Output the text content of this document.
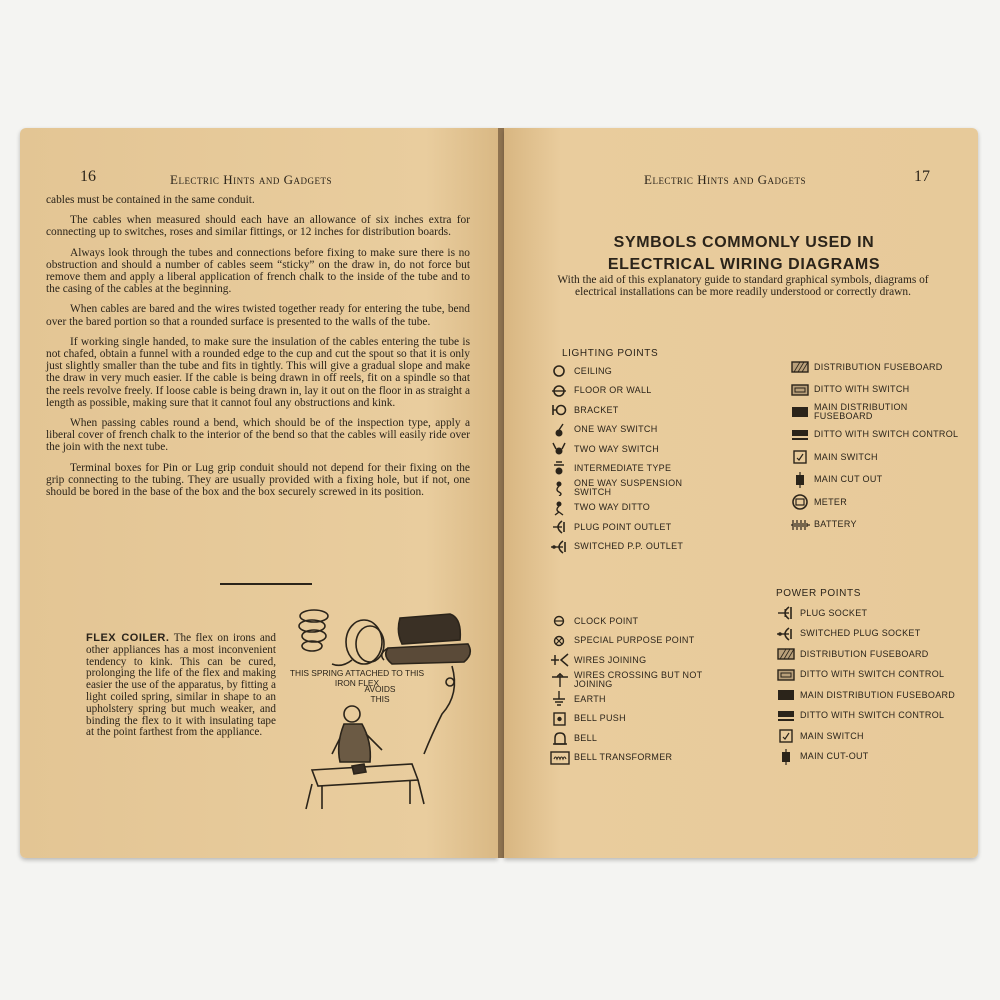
16	Electric Hints and Gadgets

cables must be contained in the same conduit.

The cables when measured should each have an allowance of six inches extra for connecting up to switches, roses and similar fittings, or 12 inches for distribution boards.

Always look through the tubes and connections before fixing to make sure there is no obstruction and should a number of cables seem “sticky” on the draw in, do not force but remove them and apply a liberal application of french chalk to the inside of the tube and to the casing of the cables at the beginning.

When cables are bared and the wires twisted together ready for entering the tube, bend over the bared portion so that a rounded surface is presented to the walls of the tube.

If working single handed, to make sure the insulation of the cables entering the tube is not chafed, obtain a funnel with a rounded edge to the cup and cut the spout so that it is only just slightly smaller than the tube and fits in tightly. This will give a gradual slope and make the draw in very much easier. If the cable is being drawn in off reels, fit on a spindle so that the reels revolve freely. If loose cable is being drawn in, lay it out on the floor in as straight a length as possible, making sure that it cannot foul any obstructions and kink.

When passing cables round a bend, which should be of the inspection type, apply a liberal cover of french chalk to the interior of the bend so that the cables will easily ride over the join with the next tube.

Terminal boxes for Pin or Lug grip conduit should not depend for their fixing on the grip connecting to the tubing. They are usually provided with a fixing hole, but if not, one should be bored in the base of the box and the box securely screwed in its position.

FLEX COILER. The flex on irons and other appliances has a most inconvenient tendency to kink. This can be cured, prolonging the life of the flex and making easier the use of the apparatus, by fitting a light coiled spring, similar in shape to an upholstery spring but much weaker, and binding the flex to it with insulating tape at the point farthest from the appliance.
THIS SPRING ATTACHED TO THIS IRON FLEX
AVOIDS THIS
Electric Hints and Gadgets	17
SYMBOLS COMMONLY USED IN
ELECTRICAL WIRING DIAGRAMS
With the aid of this explanatory guide to standard graphical symbols, diagrams of electrical installations can be more readily understood or correctly drawn.
LIGHTING POINTS
CEILING
FLOOR OR WALL
BRACKET
ONE WAY SWITCH
TWO WAY SWITCH
INTERMEDIATE TYPE
ONE WAY SUSPENSION SWITCH
TWO WAY DITTO
PLUG POINT OUTLET
SWITCHED P.P. OUTLET
DISTRIBUTION FUSEBOARD
DITTO WITH SWITCH
MAIN DISTRIBUTION FUSEBOARD
DITTO WITH SWITCH CONTROL
MAIN SWITCH
MAIN CUT OUT
METER
BATTERY
CLOCK POINT
SPECIAL PURPOSE POINT
WIRES JOINING
WIRES CROSSING BUT NOT JOINING
EARTH
BELL PUSH
BELL
BELL TRANSFORMER
POWER POINTS
PLUG SOCKET
SWITCHED PLUG SOCKET
DISTRIBUTION FUSEBOARD
DITTO WITH SWITCH CONTROL
MAIN DISTRIBUTION FUSEBOARD
DITTO WITH SWITCH CONTROL
MAIN SWITCH
MAIN CUT-OUT
